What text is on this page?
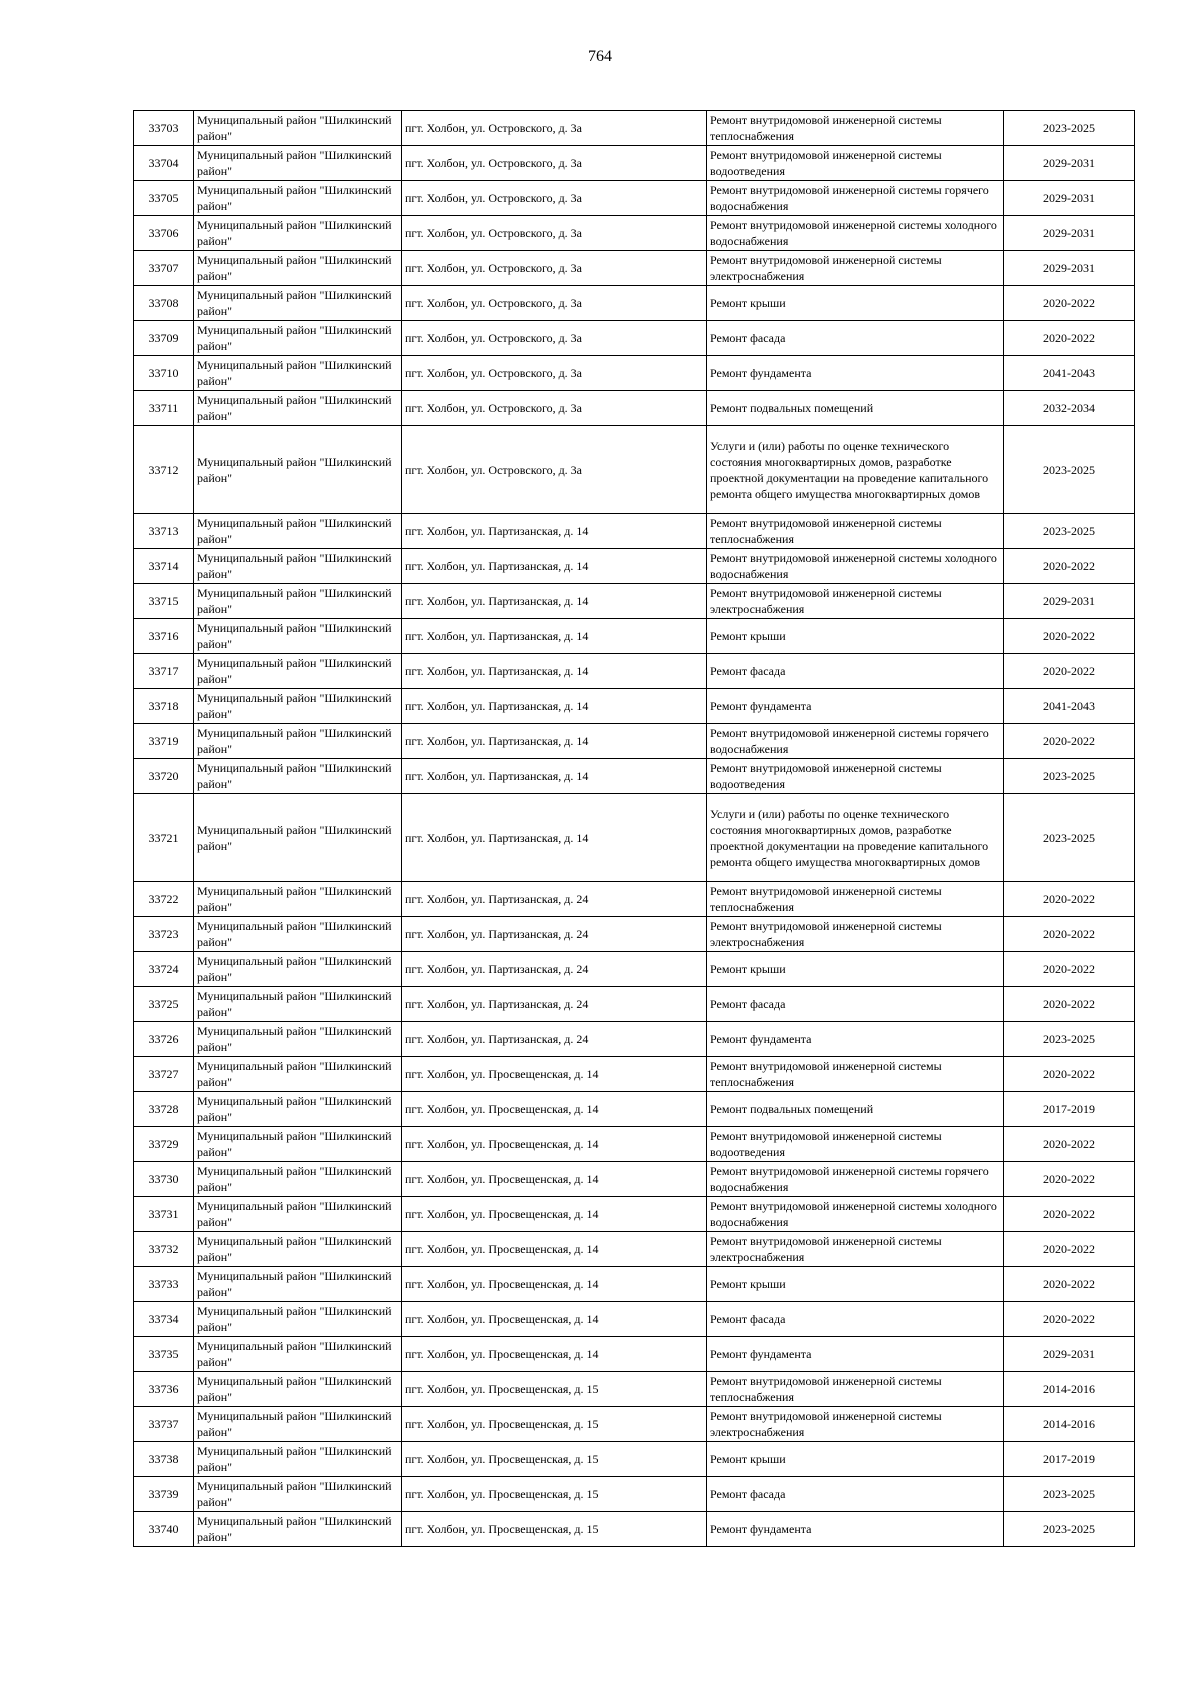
764
33703	Муниципальный район "Шилкинский район"	пгт. Холбон, ул. Островского, д. 3а	Ремонт внутридомовой инженерной системы теплоснабжения	2023-2025
33704	Муниципальный район "Шилкинский район"	пгт. Холбон, ул. Островского, д. 3а	Ремонт внутридомовой инженерной системы водоотведения	2029-2031
33705	Муниципальный район "Шилкинский район"	пгт. Холбон, ул. Островского, д. 3а	Ремонт внутридомовой инженерной системы горячего водоснабжения	2029-2031
33706	Муниципальный район "Шилкинский район"	пгт. Холбон, ул. Островского, д. 3а	Ремонт внутридомовой инженерной системы холодного водоснабжения	2029-2031
33707	Муниципальный район "Шилкинский район"	пгт. Холбон, ул. Островского, д. 3а	Ремонт внутридомовой инженерной системы электроснабжения	2029-2031
33708	Муниципальный район "Шилкинский район"	пгт. Холбон, ул. Островского, д. 3а	Ремонт крыши	2020-2022
33709	Муниципальный район "Шилкинский район"	пгт. Холбон, ул. Островского, д. 3а	Ремонт фасада	2020-2022
33710	Муниципальный район "Шилкинский район"	пгт. Холбон, ул. Островского, д. 3а	Ремонт фундамента	2041-2043
33711	Муниципальный район "Шилкинский район"	пгт. Холбон, ул. Островского, д. 3а	Ремонт подвальных помещений	2032-2034
33712	Муниципальный район "Шилкинский район"	пгт. Холбон, ул. Островского, д. 3а	Услуги и (или) работы по оценке технического состояния многоквартирных домов, разработке проектной документации на проведение капитального ремонта общего имущества многоквартирных домов	2023-2025
33713	Муниципальный район "Шилкинский район"	пгт. Холбон, ул. Партизанская, д. 14	Ремонт внутридомовой инженерной системы теплоснабжения	2023-2025
33714	Муниципальный район "Шилкинский район"	пгт. Холбон, ул. Партизанская, д. 14	Ремонт внутридомовой инженерной системы холодного водоснабжения	2020-2022
33715	Муниципальный район "Шилкинский район"	пгт. Холбон, ул. Партизанская, д. 14	Ремонт внутридомовой инженерной системы электроснабжения	2029-2031
33716	Муниципальный район "Шилкинский район"	пгт. Холбон, ул. Партизанская, д. 14	Ремонт крыши	2020-2022
33717	Муниципальный район "Шилкинский район"	пгт. Холбон, ул. Партизанская, д. 14	Ремонт фасада	2020-2022
33718	Муниципальный район "Шилкинский район"	пгт. Холбон, ул. Партизанская, д. 14	Ремонт фундамента	2041-2043
33719	Муниципальный район "Шилкинский район"	пгт. Холбон, ул. Партизанская, д. 14	Ремонт внутридомовой инженерной системы горячего водоснабжения	2020-2022
33720	Муниципальный район "Шилкинский район"	пгт. Холбон, ул. Партизанская, д. 14	Ремонт внутридомовой инженерной системы водоотведения	2023-2025
33721	Муниципальный район "Шилкинский район"	пгт. Холбон, ул. Партизанская, д. 14	Услуги и (или) работы по оценке технического состояния многоквартирных домов, разработке проектной документации на проведение капитального ремонта общего имущества многоквартирных домов	2023-2025
33722	Муниципальный район "Шилкинский район"	пгт. Холбон, ул. Партизанская, д. 24	Ремонт внутридомовой инженерной системы теплоснабжения	2020-2022
33723	Муниципальный район "Шилкинский район"	пгт. Холбон, ул. Партизанская, д. 24	Ремонт внутридомовой инженерной системы электроснабжения	2020-2022
33724	Муниципальный район "Шилкинский район"	пгт. Холбон, ул. Партизанская, д. 24	Ремонт крыши	2020-2022
33725	Муниципальный район "Шилкинский район"	пгт. Холбон, ул. Партизанская, д. 24	Ремонт фасада	2020-2022
33726	Муниципальный район "Шилкинский район"	пгт. Холбон, ул. Партизанская, д. 24	Ремонт фундамента	2023-2025
33727	Муниципальный район "Шилкинский район"	пгт. Холбон, ул. Просвещенская, д. 14	Ремонт внутридомовой инженерной системы теплоснабжения	2020-2022
33728	Муниципальный район "Шилкинский район"	пгт. Холбон, ул. Просвещенская, д. 14	Ремонт подвальных помещений	2017-2019
33729	Муниципальный район "Шилкинский район"	пгт. Холбон, ул. Просвещенская, д. 14	Ремонт внутридомовой инженерной системы водоотведения	2020-2022
33730	Муниципальный район "Шилкинский район"	пгт. Холбон, ул. Просвещенская, д. 14	Ремонт внутридомовой инженерной системы горячего водоснабжения	2020-2022
33731	Муниципальный район "Шилкинский район"	пгт. Холбон, ул. Просвещенская, д. 14	Ремонт внутридомовой инженерной системы холодного водоснабжения	2020-2022
33732	Муниципальный район "Шилкинский район"	пгт. Холбон, ул. Просвещенская, д. 14	Ремонт внутридомовой инженерной системы электроснабжения	2020-2022
33733	Муниципальный район "Шилкинский район"	пгт. Холбон, ул. Просвещенская, д. 14	Ремонт крыши	2020-2022
33734	Муниципальный район "Шилкинский район"	пгт. Холбон, ул. Просвещенская, д. 14	Ремонт фасада	2020-2022
33735	Муниципальный район "Шилкинский район"	пгт. Холбон, ул. Просвещенская, д. 14	Ремонт фундамента	2029-2031
33736	Муниципальный район "Шилкинский район"	пгт. Холбон, ул. Просвещенская, д. 15	Ремонт внутридомовой инженерной системы теплоснабжения	2014-2016
33737	Муниципальный район "Шилкинский район"	пгт. Холбон, ул. Просвещенская, д. 15	Ремонт внутридомовой инженерной системы электроснабжения	2014-2016
33738	Муниципальный район "Шилкинский район"	пгт. Холбон, ул. Просвещенская, д. 15	Ремонт крыши	2017-2019
33739	Муниципальный район "Шилкинский район"	пгт. Холбон, ул. Просвещенская, д. 15	Ремонт фасада	2023-2025
33740	Муниципальный район "Шилкинский район"	пгт. Холбон, ул. Просвещенская, д. 15	Ремонт фундамента	2023-2025
